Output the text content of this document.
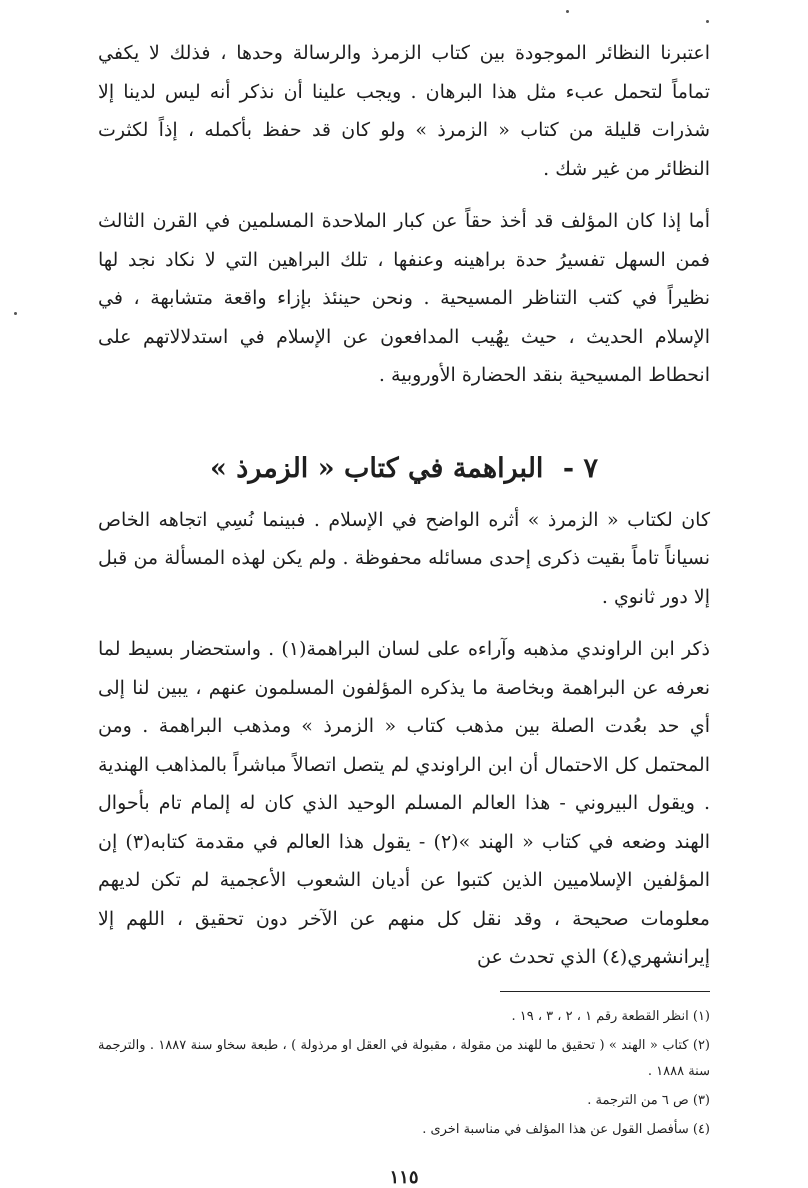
اعتبرنا النظائر الموجودة بين كتاب الزمرذ والرسالة وحدها ، فذلك لا يكفي تماماً لتحمل عبء مثل هذا البرهان . ويجب علينا أن نذكر أنه ليس لدينا إلا شذرات قليلة من كتاب « الزمرذ » ولو كان قد حفظ بأكمله ، إذاً لكثرت النظائر من غير شك .

أما إذا كان المؤلف قد أخذ حقاً عن كبار الملاحدة المسلمين في القرن الثالث فمن السهل تفسيرُ حدة براهينه وعنفها ، تلك البراهين التي لا نكاد نجد لها نظيراً في كتب التناظر المسيحية . ونحن حينئذ بإزاء واقعة متشابهة ، في الإسلام الحديث ، حيث يهُيب المدافعون عن الإسلام في استدلالاتهم على انحطاط المسيحية بنقد الحضارة الأوروبية .

٧ - البراهمة في كتاب « الزمرذ »

كان لكتاب « الزمرذ » أثره الواضح في الإسلام . فبينما نُسِي اتجاهه الخاص نسياناً تاماً بقيت ذكرى إحدى مسائله محفوظة . ولم يكن لهذه المسألة من قبل إلا دور ثانوي .

ذكر ابن الراوندي مذهبه وآراءه على لسان البراهمة(١) . واستحضار بسيط لما نعرفه عن البراهمة وبخاصة ما يذكره المؤلفون المسلمون عنهم ، يبين لنا إلى أي حد بعُدت الصلة بين مذهب كتاب « الزمرذ » ومذهب البراهمة . ومن المحتمل كل الاحتمال أن ابن الراوندي لم يتصل اتصالاً مباشراً بالمذاهب الهندية . ويقول البيروني - هذا العالم المسلم الوحيد الذي كان له إلمام تام بأحوال الهند وضعه في كتاب « الهند »(٢) - يقول هذا العالم في مقدمة كتابه(٣) إن المؤلفين الإسلاميين الذين كتبوا عن أديان الشعوب الأعجمية لم تكن لديهم معلومات صحيحة ، وقد نقل كل منهم عن الآخر دون تحقيق ، اللهم إلا إيرانشهري(٤) الذي تحدث عن

(١) انظر القطعة رقم ١ ، ٢ ، ٣ ، ١٩ .
(٢) كتاب « الهند » ( تحقيق ما للهند من مقولة ، مقبولة في العقل او مرذولة ) ، طبعة سخاو سنة ١٨٨٧ . والترجمة سنة ١٨٨٨ .
(٣) ص ٦ من الترجمة .
(٤) سأفصل القول عن هذا المؤلف في مناسبة اخرى .
١١٥
